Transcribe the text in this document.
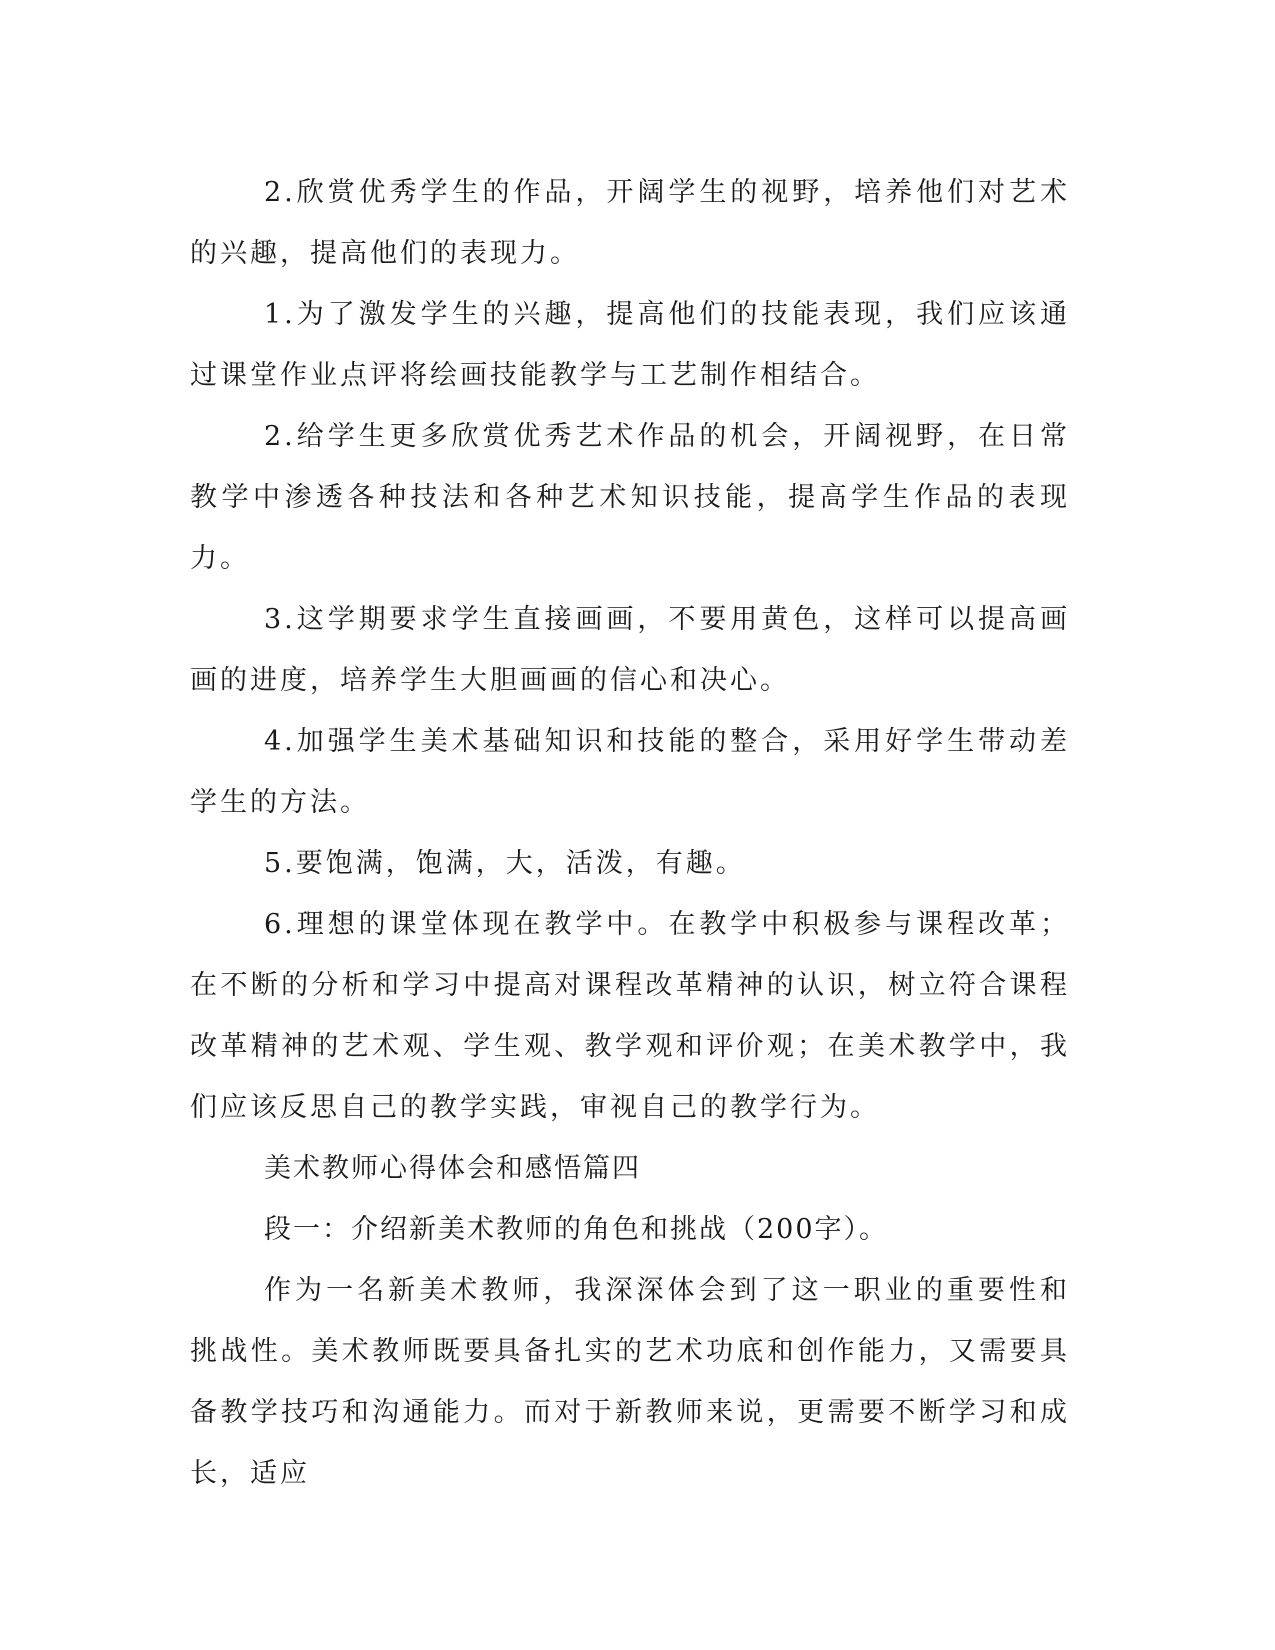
2.欣赏优秀学生的作品，开阔学生的视野，培养他们对艺术的兴趣，提高他们的表现力。

1.为了激发学生的兴趣，提高他们的技能表现，我们应该通过课堂作业点评将绘画技能教学与工艺制作相结合。

2.给学生更多欣赏优秀艺术作品的机会，开阔视野，在日常教学中渗透各种技法和各种艺术知识技能，提高学生作品的表现力。

3.这学期要求学生直接画画，不要用黄色，这样可以提高画画的进度，培养学生大胆画画的信心和决心。

4.加强学生美术基础知识和技能的整合，采用好学生带动差学生的方法。

5.要饱满，饱满，大，活泼，有趣。

6.理想的课堂体现在教学中。在教学中积极参与课程改革；在不断的分析和学习中提高对课程改革精神的认识，树立符合课程改革精神的艺术观、学生观、教学观和评价观；在美术教学中，我们应该反思自己的教学实践，审视自己的教学行为。

美术教师心得体会和感悟篇四

段一：介绍新美术教师的角色和挑战（200字）。

作为一名新美术教师，我深深体会到了这一职业的重要性和挑战性。美术教师既要具备扎实的艺术功底和创作能力，又需要具备教学技巧和沟通能力。而对于新教师来说，更需要不断学习和成长，适应
